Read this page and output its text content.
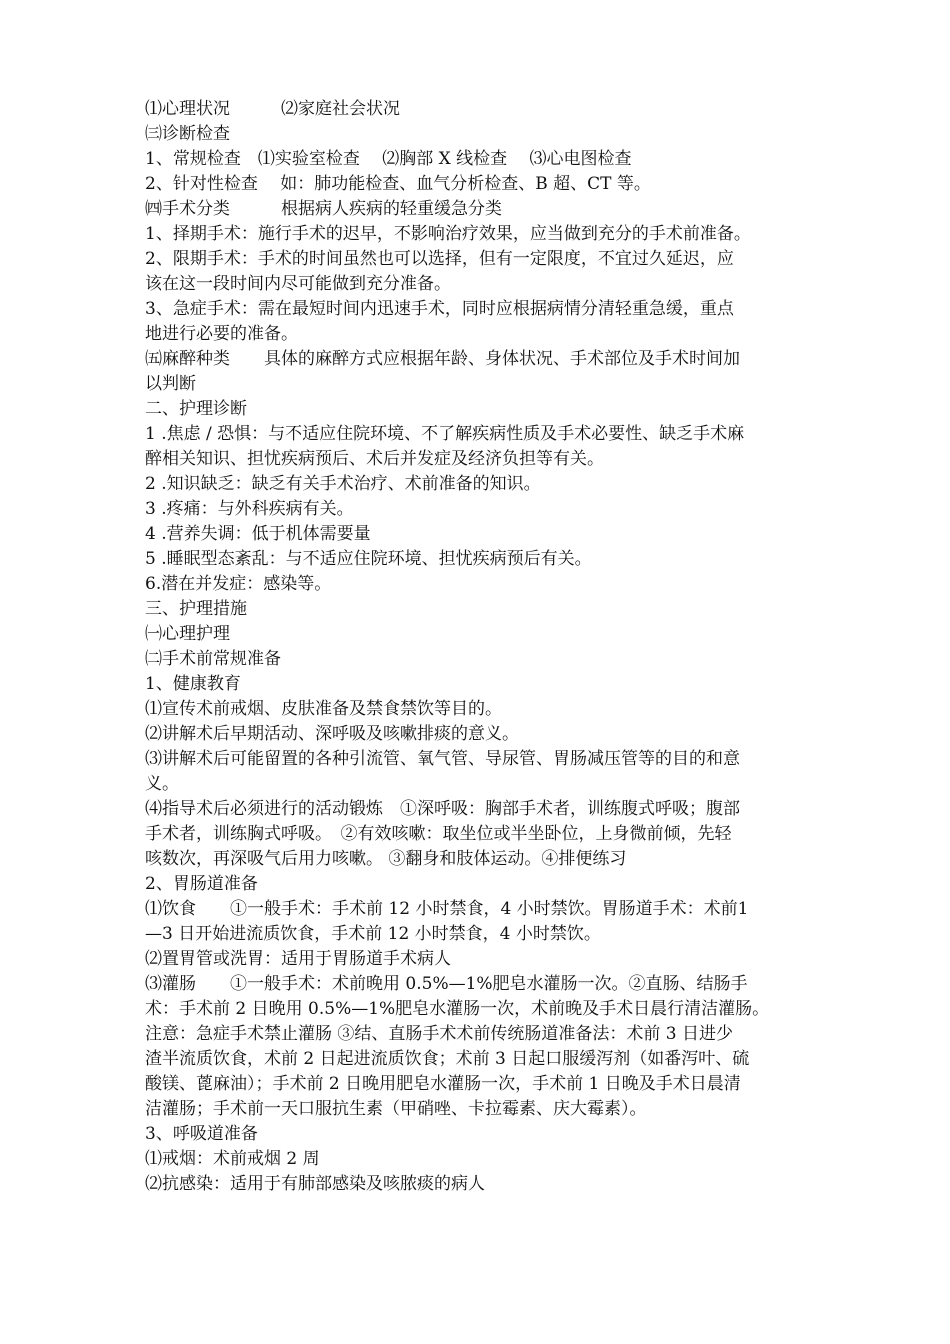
⑴心理状况　　　⑵家庭社会状况
㈢诊断检查
1、常规检查　⑴实验室检查　 ⑵胸部 X 线检查　 ⑶心电图检查
2、针对性检查　 如：肺功能检查、血气分析检查、B 超、CT 等。
㈣手术分类　　　根据病人疾病的轻重缓急分类
1、择期手术：施行手术的迟早，不影响治疗效果，应当做到充分的手术前准备。
2、限期手术：手术的时间虽然也可以选择，但有一定限度，不宜过久延迟，应
该在这一段时间内尽可能做到充分准备。
3、急症手术：需在最短时间内迅速手术，同时应根据病情分清轻重急缓，重点
地进行必要的准备。
㈤麻醉种类　　具体的麻醉方式应根据年龄、身体状况、手术部位及手术时间加
以判断
二、护理诊断
1 .焦虑 / 恐惧：与不适应住院环境、不了解疾病性质及手术必要性、缺乏手术麻
醉相关知识、担忧疾病预后、术后并发症及经济负担等有关。
2 .知识缺乏：缺乏有关手术治疗、术前准备的知识。
3 .疼痛：与外科疾病有关。
4 .营养失调：低于机体需要量
5 .睡眠型态紊乱：与不适应住院环境、担忧疾病预后有关。
6.潜在并发症：感染等。
三、护理措施
㈠心理护理
㈡手术前常规准备
1、健康教育
⑴宣传术前戒烟、皮肤准备及禁食禁饮等目的。
⑵讲解术后早期活动、深呼吸及咳嗽排痰的意义。
⑶讲解术后可能留置的各种引流管、氧气管、导尿管、胃肠减压管等的目的和意
义。
⑷指导术后必须进行的活动锻炼　①深呼吸：胸部手术者，训练腹式呼吸；腹部
手术者，训练胸式呼吸。　②有效咳嗽：取坐位或半坐卧位，上身微前倾，先轻
咳数次，再深吸气后用力咳嗽。 ③翻身和肢体运动。④排便练习
2、胃肠道准备
⑴饮食　　①一般手术：手术前 12 小时禁食，4 小时禁饮。胃肠道手术：术前1
—3 日开始进流质饮食，手术前 12 小时禁食，4 小时禁饮。
⑵置胃管或洗胃：适用于胃肠道手术病人
⑶灌肠　　①一般手术：术前晚用 0.5%—1%肥皂水灌肠一次。②直肠、结肠手
术：手术前 2 日晚用 0.5%—1%肥皂水灌肠一次，术前晚及手术日晨行清洁灌肠。
注意：急症手术禁止灌肠 ③结、直肠手术术前传统肠道准备法：术前 3 日进少
渣半流质饮食，术前 2 日起进流质饮食；术前 3 日起口服缓泻剂（如番泻叶、硫
酸镁、蓖麻油）；手术前 2 日晚用肥皂水灌肠一次，手术前 1 日晚及手术日晨清
洁灌肠；手术前一天口服抗生素（甲硝唑、卡拉霉素、庆大霉素）。
3、呼吸道准备
⑴戒烟：术前戒烟 2 周
⑵抗感染：适用于有肺部感染及咳脓痰的病人
